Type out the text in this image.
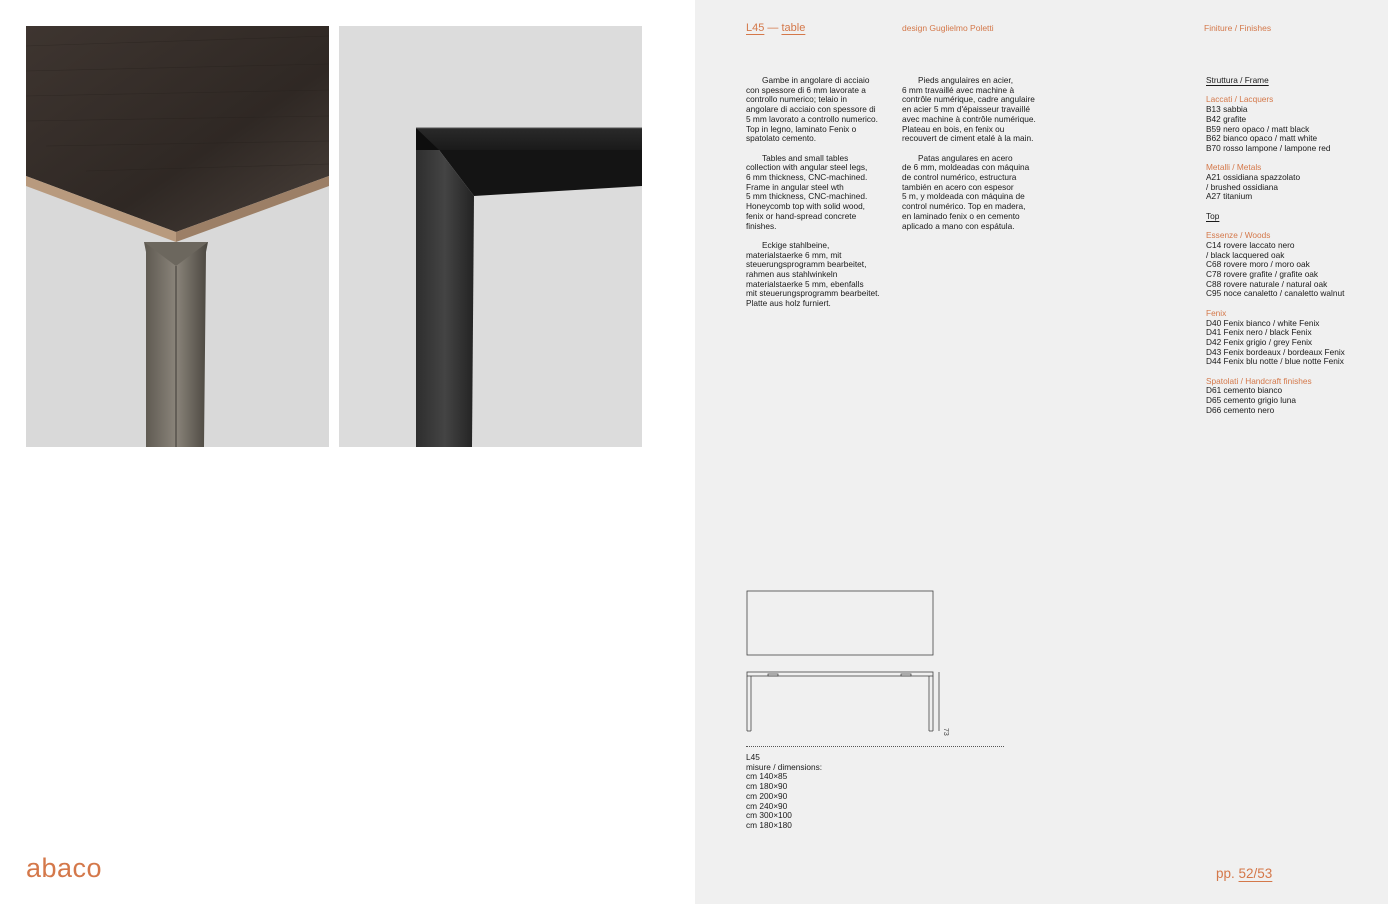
abaco
L45 — table	design Guglielmo Poletti	Finiture / Finishes

Gambe in angolare di acciaio
con spessore di 6 mm lavorate a
controllo numerico; telaio in
angolare di acciaio con spessore di
5 mm lavorato a controllo numerico.
Top in legno, laminato Fenix o
spatolato cemento.

Tables and small tables
collection with angular steel legs,
6 mm thickness, CNC-machined.
Frame in angular steel wth
5 mm thickness, CNC-machined.
Honeycomb top with solid wood,
fenix or hand-spread concrete
finishes.

Eckige stahlbeine,
materialstaerke 6 mm, mit
steuerungsprogramm bearbeitet,
rahmen aus stahlwinkeln
materialstaerke 5 mm, ebenfalls
mit steuerungsprogramm bearbeitet.
Platte aus holz furniert.

Pieds angulaires en acier,
6 mm travaillé avec machine à
contrôle numérique, cadre angulaire
en acier 5 mm d'épaisseur travaillé
avec machine à contrôle numérique.
Plateau en bois, en fenix ou
recouvert de ciment etalé à la main.

Patas angulares en acero
de 6 mm, moldeadas con máquina
de control numérico, estructura
también en acero con espesor
5 m, y moldeada con máquina de
control numérico. Top en madera,
en laminado fenix o en cemento
aplicado a mano con espátula.

Struttura / Frame
Laccati / Lacquers
B13 sabbia
B42 grafite
B59 nero opaco / matt black
B62 bianco opaco / matt white
B70 rosso lampone / lampone red
Metalli / Metals
A21 ossidiana spazzolato
/ brushed ossidiana
A27 titanium
Top
Essenze / Woods
C14 rovere laccato nero
/ black lacquered oak
C68 rovere moro / moro oak
C78 rovere grafite / grafite oak
C88 rovere naturale / natural oak
C95 noce canaletto / canaletto walnut
Fenix
D40 Fenix bianco / white Fenix
D41 Fenix nero / black Fenix
D42 Fenix grigio / grey Fenix
D43 Fenix bordeaux / bordeaux Fenix
D44 Fenix blu notte / blue notte Fenix
Spatolati / Handcraft finishes
D61 cemento bianco
D65 cemento grigio luna
D66 cemento nero
73
L45
misure / dimensions:
cm 140×85
cm 180×90
cm 200×90
cm 240×90
cm 300×100
cm 180×180
pp. 52/53
